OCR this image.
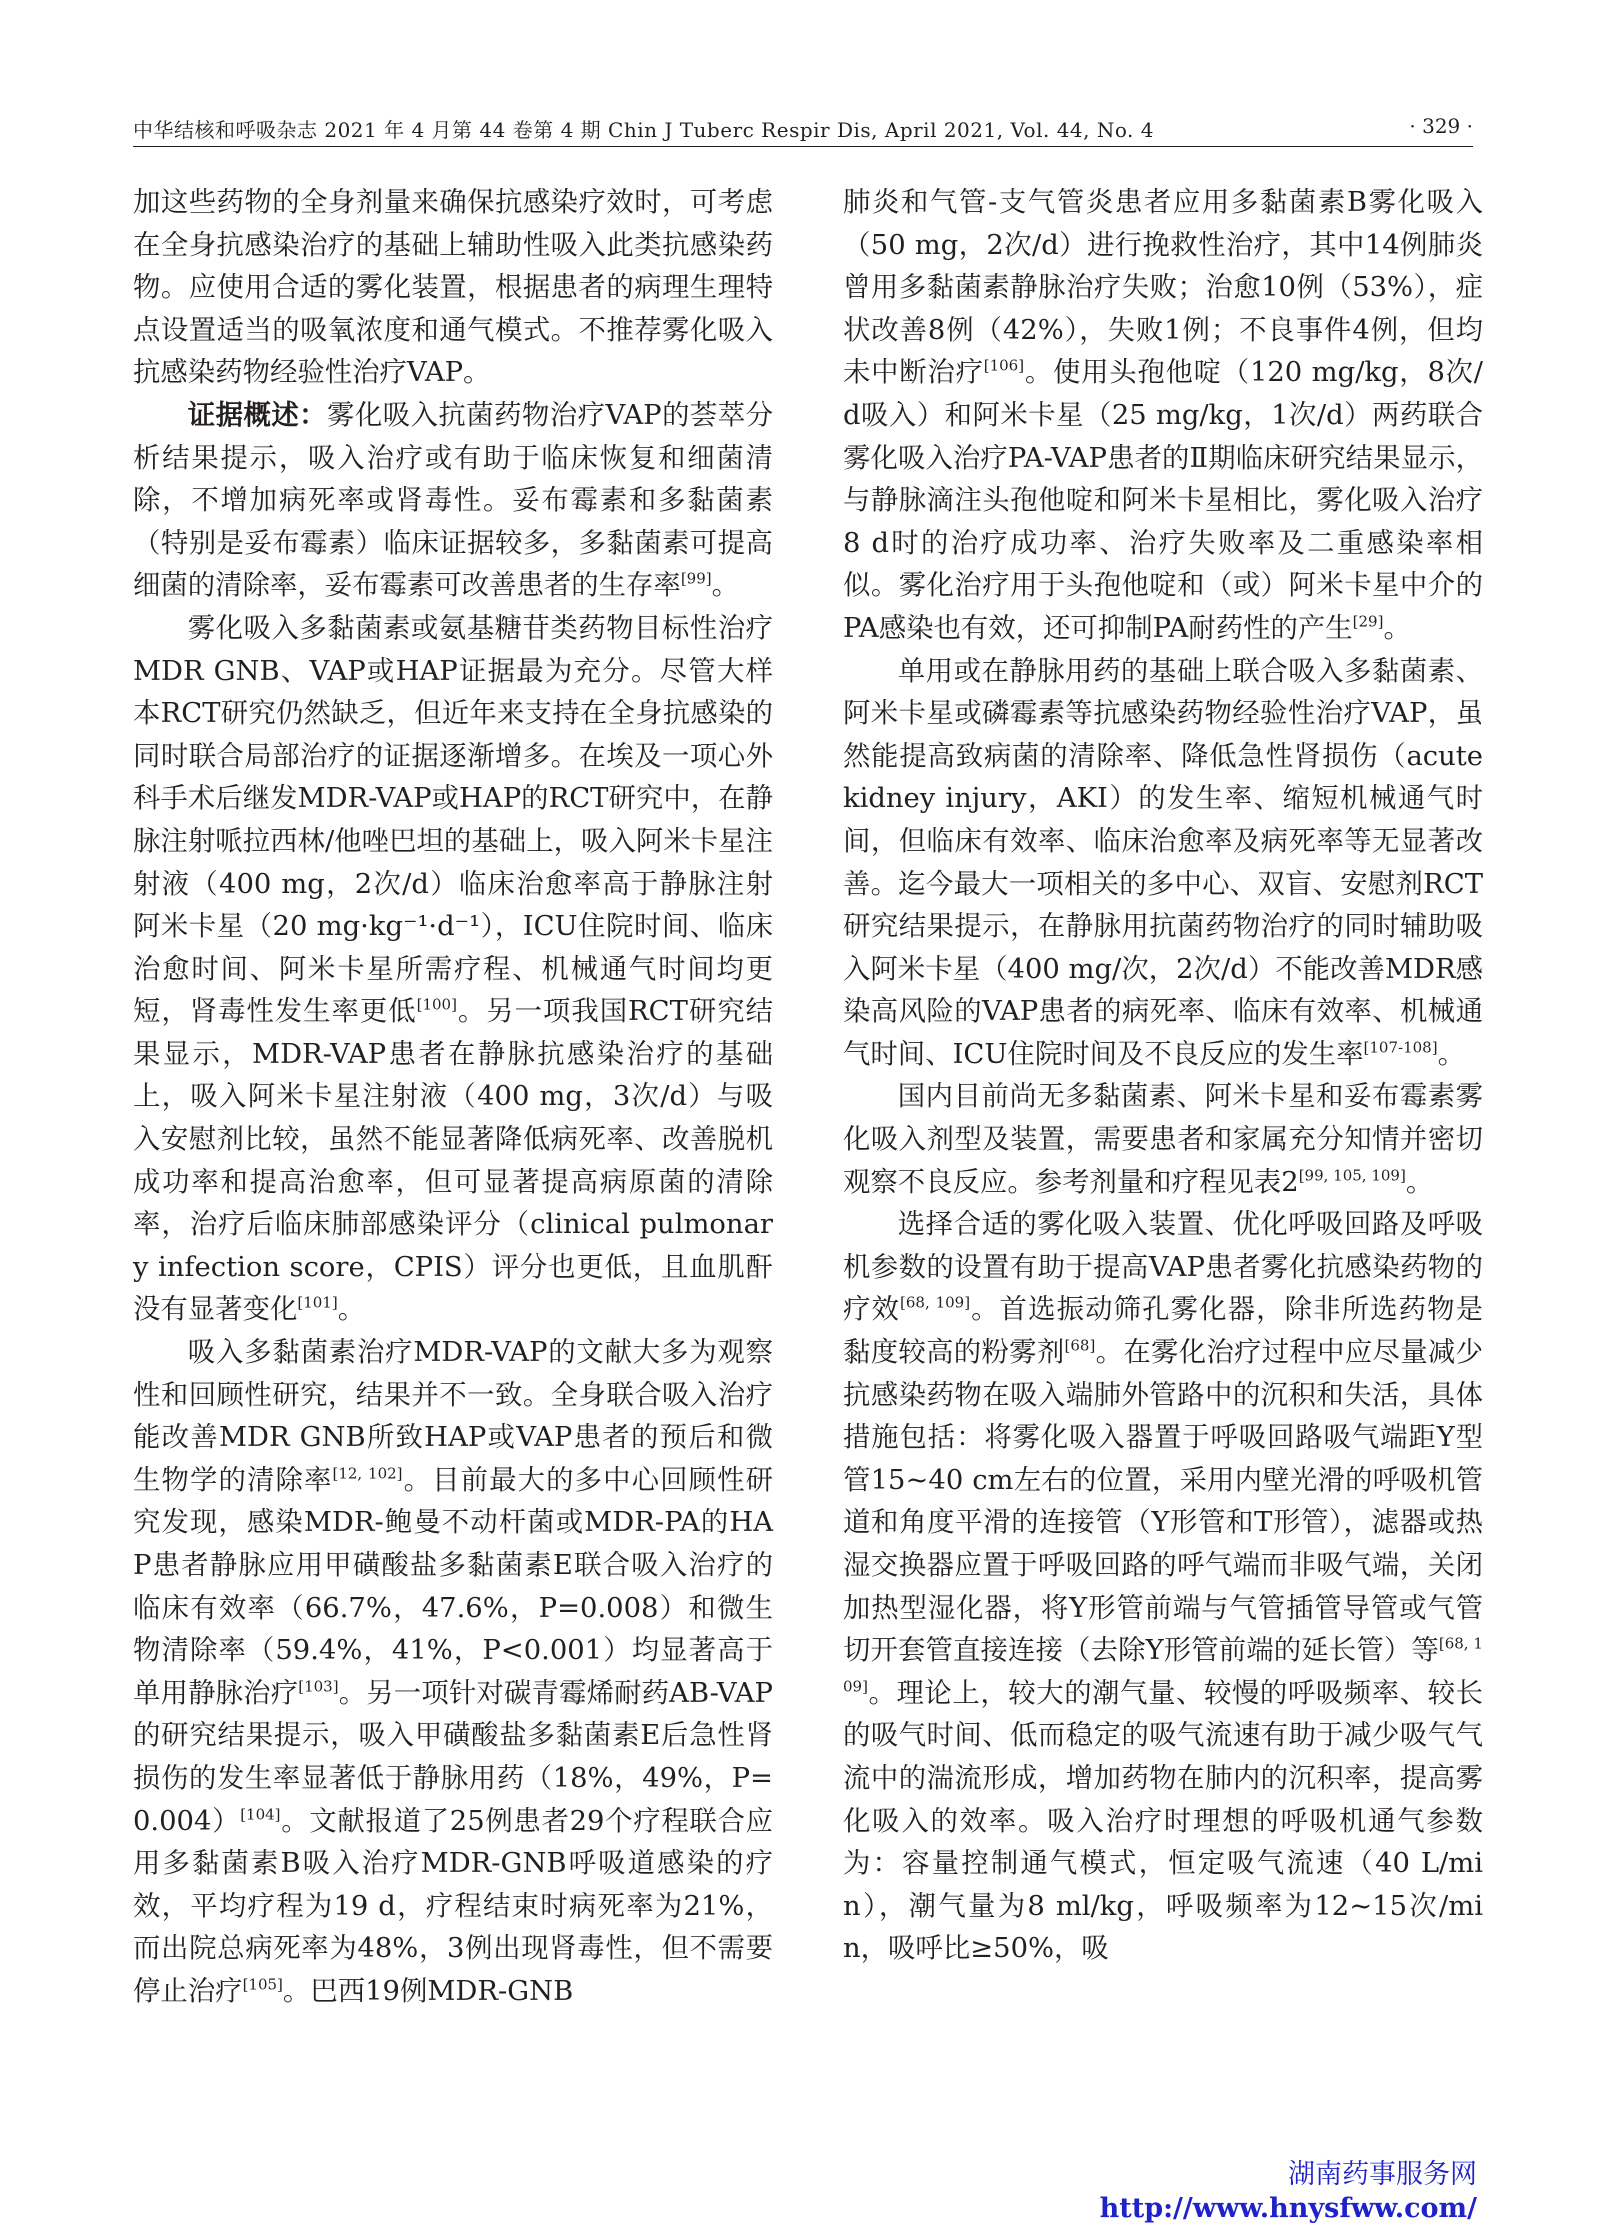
中华结核和呼吸杂志 2021 年 4 月第 44 卷第 4 期 Chin J Tuberc Respir Dis, April 2021, Vol. 44, No. 4	· 329 ·

加这些药物的全身剂量来确保抗感染疗效时，可考虑在全身抗感染治疗的基础上辅助性吸入此类抗感染药物。应使用合适的雾化装置，根据患者的病理生理特点设置适当的吸氧浓度和通气模式。不推荐雾化吸入抗感染药物经验性治疗VAP。

证据概述：雾化吸入抗菌药物治疗VAP的荟萃分析结果提示，吸入治疗或有助于临床恢复和细菌清除，不增加病死率或肾毒性。妥布霉素和多黏菌素（特别是妥布霉素）临床证据较多，多黏菌素可提高细菌的清除率，妥布霉素可改善患者的生存率[99]。

雾化吸入多黏菌素或氨基糖苷类药物目标性治疗MDR GNB、VAP或HAP证据最为充分。尽管大样本RCT研究仍然缺乏，但近年来支持在全身抗感染的同时联合局部治疗的证据逐渐增多。在埃及一项心外科手术后继发MDR-VAP或HAP的RCT研究中，在静脉注射哌拉西林/他唑巴坦的基础上，吸入阿米卡星注射液（400 mg，2次/d）临床治愈率高于静脉注射阿米卡星（20 mg·kg⁻¹·d⁻¹），ICU住院时间、临床治愈时间、阿米卡星所需疗程、机械通气时间均更短，肾毒性发生率更低[100]。另一项我国RCT研究结果显示，MDR-VAP患者在静脉抗感染治疗的基础上，吸入阿米卡星注射液（400 mg，3次/d）与吸入安慰剂比较，虽然不能显著降低病死率、改善脱机成功率和提高治愈率，但可显著提高病原菌的清除率，治疗后临床肺部感染评分（clinical pulmonary infection score，CPIS）评分也更低，且血肌酐没有显著变化[101]。

吸入多黏菌素治疗MDR-VAP的文献大多为观察性和回顾性研究，结果并不一致。全身联合吸入治疗能改善MDR GNB所致HAP或VAP患者的预后和微生物学的清除率[12, 102]。目前最大的多中心回顾性研究发现，感染MDR-鲍曼不动杆菌或MDR-PA的HAP患者静脉应用甲磺酸盐多黏菌素E联合吸入治疗的临床有效率（66.7%，47.6%，P=0.008）和微生物清除率（59.4%，41%，P<0.001）均显著高于单用静脉治疗[103]。另一项针对碳青霉烯耐药AB-VAP的研究结果提示，吸入甲磺酸盐多黏菌素E后急性肾损伤的发生率显著低于静脉用药（18%，49%，P=0.004）[104]。文献报道了25例患者29个疗程联合应用多黏菌素B吸入治疗MDR-GNB呼吸道感染的疗效，平均疗程为19 d，疗程结束时病死率为21%，而出院总病死率为48%，3例出现肾毒性，但不需要停止治疗[105]。巴西19例MDR-GNB

肺炎和气管-支气管炎患者应用多黏菌素B雾化吸入（50 mg，2次/d）进行挽救性治疗，其中14例肺炎曾用多黏菌素静脉治疗失败；治愈10例（53%），症状改善8例（42%），失败1例；不良事件4例，但均未中断治疗[106]。使用头孢他啶（120 mg/kg，8次/d吸入）和阿米卡星（25 mg/kg，1次/d）两药联合雾化吸入治疗PA-VAP患者的Ⅱ期临床研究结果显示，与静脉滴注头孢他啶和阿米卡星相比，雾化吸入治疗8 d时的治疗成功率、治疗失败率及二重感染率相似。雾化治疗用于头孢他啶和（或）阿米卡星中介的PA感染也有效，还可抑制PA耐药性的产生[29]。

单用或在静脉用药的基础上联合吸入多黏菌素、阿米卡星或磷霉素等抗感染药物经验性治疗VAP，虽然能提高致病菌的清除率、降低急性肾损伤（acute kidney injury，AKI）的发生率、缩短机械通气时间，但临床有效率、临床治愈率及病死率等无显著改善。迄今最大一项相关的多中心、双盲、安慰剂RCT研究结果提示，在静脉用抗菌药物治疗的同时辅助吸入阿米卡星（400 mg/次，2次/d）不能改善MDR感染高风险的VAP患者的病死率、临床有效率、机械通气时间、ICU住院时间及不良反应的发生率[107-108]。

国内目前尚无多黏菌素、阿米卡星和妥布霉素雾化吸入剂型及装置，需要患者和家属充分知情并密切观察不良反应。参考剂量和疗程见表2[99, 105, 109]。

选择合适的雾化吸入装置、优化呼吸回路及呼吸机参数的设置有助于提高VAP患者雾化抗感染药物的疗效[68, 109]。首选振动筛孔雾化器，除非所选药物是黏度较高的粉雾剂[68]。在雾化治疗过程中应尽量减少抗感染药物在吸入端肺外管路中的沉积和失活，具体措施包括：将雾化吸入器置于呼吸回路吸气端距Y型管15~40 cm左右的位置，采用内壁光滑的呼吸机管道和角度平滑的连接管（Y形管和T形管），滤器或热湿交换器应置于呼吸回路的呼气端而非吸气端，关闭加热型湿化器，将Y形管前端与气管插管导管或气管切开套管直接连接（去除Y形管前端的延长管）等[68, 109]。理论上，较大的潮气量、较慢的呼吸频率、较长的吸气时间、低而稳定的吸气流速有助于减少吸气气流中的湍流形成，增加药物在肺内的沉积率，提高雾化吸入的效率。吸入治疗时理想的呼吸机通气参数为：容量控制通气模式，恒定吸气流速（40 L/min），潮气量为8 ml/kg，呼吸频率为12~15次/min，吸呼比≥50%，吸

湖南药事服务网
http://www.hnysfww.com/
